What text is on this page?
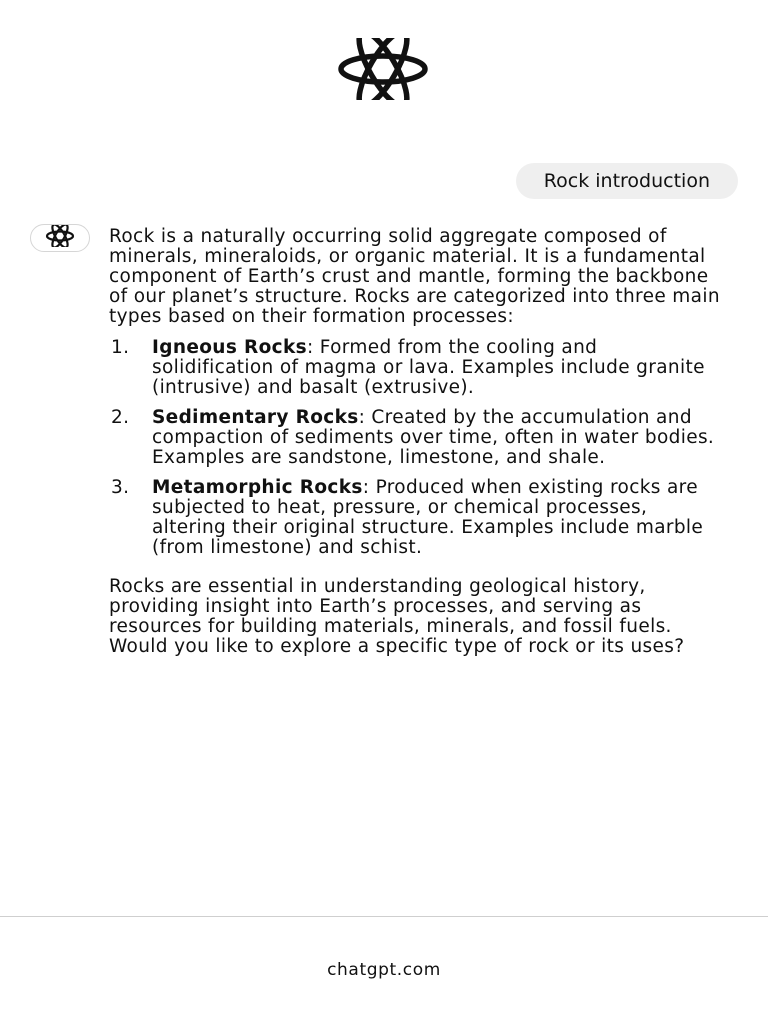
Rock introduction

Rock is a naturally occurring solid aggregate composed of minerals, mineraloids, or organic material. It is a fundamental component of Earth’s crust and mantle, forming the backbone of our planet’s structure. Rocks are categorized into three main types based on their formation processes:

1. Igneous Rocks: Formed from the cooling and solidification of magma or lava. Examples include granite (intrusive) and basalt (extrusive).
2. Sedimentary Rocks: Created by the accumulation and compaction of sediments over time, often in water bodies. Examples are sandstone, limestone, and shale.
3. Metamorphic Rocks: Produced when existing rocks are subjected to heat, pressure, or chemical processes, altering their original structure. Examples include marble (from limestone) and schist.

Rocks are essential in understanding geological history, providing insight into Earth’s processes, and serving as resources for building materials, minerals, and fossil fuels. Would you like to explore a specific type of rock or its uses?

chatgpt.com
